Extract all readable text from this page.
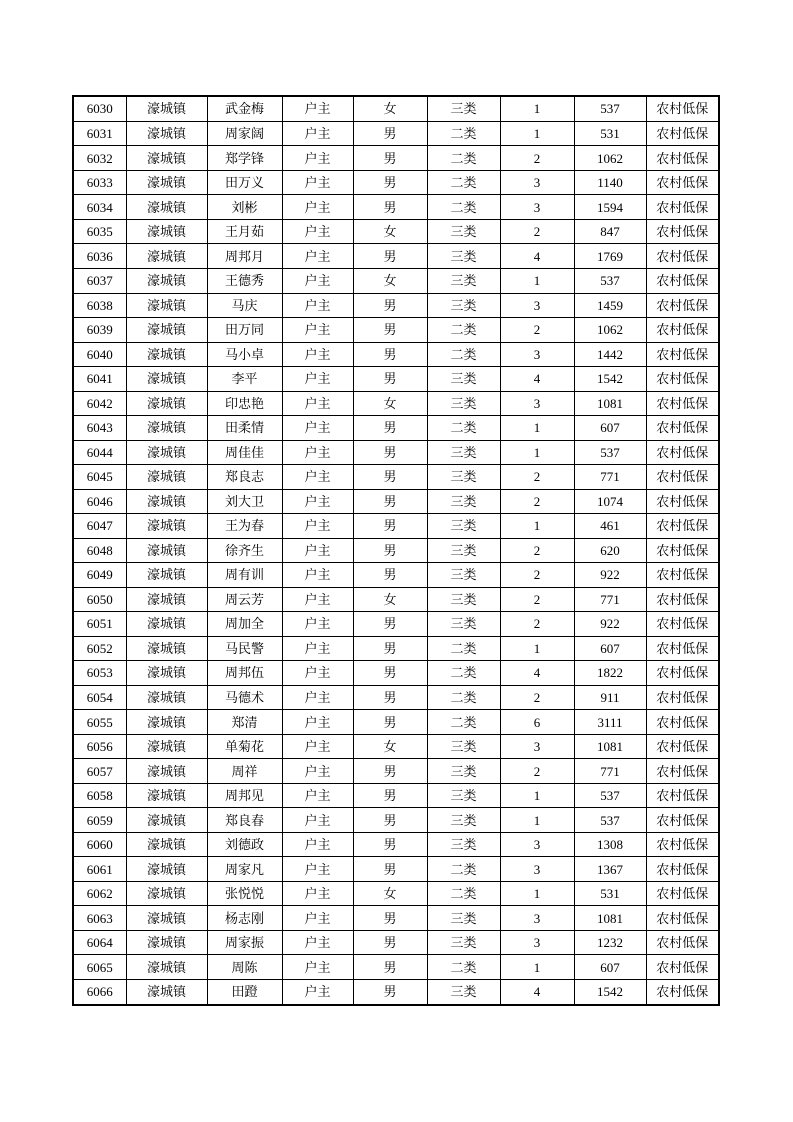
6030	濠城镇	武金梅	户主	女	三类	1	537	农村低保
6031	濠城镇	周家阔	户主	男	二类	1	531	农村低保
6032	濠城镇	郑学锋	户主	男	二类	2	1062	农村低保
6033	濠城镇	田万义	户主	男	二类	3	1140	农村低保
6034	濠城镇	刘彬	户主	男	二类	3	1594	农村低保
6035	濠城镇	王月茹	户主	女	三类	2	847	农村低保
6036	濠城镇	周邦月	户主	男	三类	4	1769	农村低保
6037	濠城镇	王德秀	户主	女	三类	1	537	农村低保
6038	濠城镇	马庆	户主	男	三类	3	1459	农村低保
6039	濠城镇	田万同	户主	男	二类	2	1062	农村低保
6040	濠城镇	马小卓	户主	男	二类	3	1442	农村低保
6041	濠城镇	李平	户主	男	三类	4	1542	农村低保
6042	濠城镇	印忠艳	户主	女	三类	3	1081	农村低保
6043	濠城镇	田柔情	户主	男	二类	1	607	农村低保
6044	濠城镇	周佳佳	户主	男	三类	1	537	农村低保
6045	濠城镇	郑良志	户主	男	三类	2	771	农村低保
6046	濠城镇	刘大卫	户主	男	三类	2	1074	农村低保
6047	濠城镇	王为春	户主	男	三类	1	461	农村低保
6048	濠城镇	徐齐生	户主	男	三类	2	620	农村低保
6049	濠城镇	周有训	户主	男	三类	2	922	农村低保
6050	濠城镇	周云芳	户主	女	三类	2	771	农村低保
6051	濠城镇	周加全	户主	男	三类	2	922	农村低保
6052	濠城镇	马民警	户主	男	二类	1	607	农村低保
6053	濠城镇	周邦伍	户主	男	二类	4	1822	农村低保
6054	濠城镇	马德术	户主	男	二类	2	911	农村低保
6055	濠城镇	郑清	户主	男	二类	6	3111	农村低保
6056	濠城镇	单菊花	户主	女	三类	3	1081	农村低保
6057	濠城镇	周祥	户主	男	三类	2	771	农村低保
6058	濠城镇	周邦见	户主	男	三类	1	537	农村低保
6059	濠城镇	郑良春	户主	男	三类	1	537	农村低保
6060	濠城镇	刘德政	户主	男	三类	3	1308	农村低保
6061	濠城镇	周家凡	户主	男	二类	3	1367	农村低保
6062	濠城镇	张悦悦	户主	女	二类	1	531	农村低保
6063	濠城镇	杨志刚	户主	男	三类	3	1081	农村低保
6064	濠城镇	周家振	户主	男	三类	3	1232	农村低保
6065	濠城镇	周陈	户主	男	二类	1	607	农村低保
6066	濠城镇	田蹬	户主	男	三类	4	1542	农村低保
